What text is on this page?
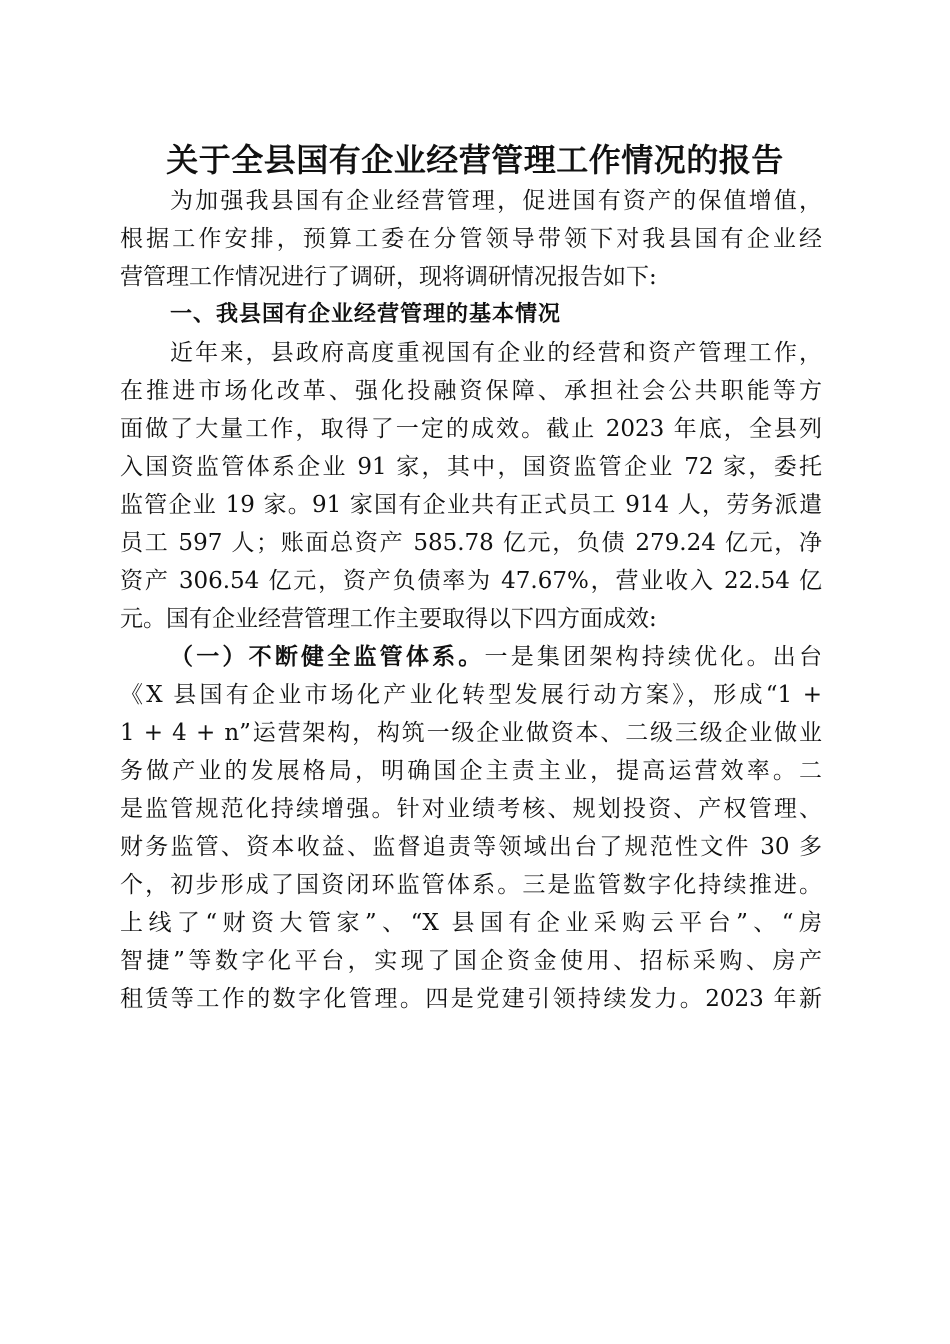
关于全县国有企业经营管理工作情况的报告
为加强我县国有企业经营管理，促进国有资产的保值增值，
根据工作安排，预算工委在分管领导带领下对我县国有企业经
营管理工作情况进行了调研，现将调研情况报告如下:
一、我县国有企业经营管理的基本情况
近年来，县政府高度重视国有企业的经营和资产管理工作，
在推进市场化改革、强化投融资保障、承担社会公共职能等方
面做了大量工作，取得了一定的成效。截止 2023 年底，全县列
入国资监管体系企业 91 家，其中，国资监管企业 72 家，委托
监管企业 19 家。91 家国有企业共有正式员工 914 人，劳务派遣
员工 597 人；账面总资产 585.78 亿元，负债 279.24 亿元，净
资产 306.54 亿元，资产负债率为 47.67%，营业收入 22.54 亿
元。国有企业经营管理工作主要取得以下四方面成效:
（一）不断健全监管体系。一是集团架构持续优化。出台
《X 县国有企业市场化产业化转型发展行动方案》，形成“1 +
1 + 4 + n”运营架构，构筑一级企业做资本、二级三级企业做业
务做产业的发展格局，明确国企主责主业，提高运营效率。二
是监管规范化持续增强。针对业绩考核、规划投资、产权管理、
财务监管、资本收益、监督追责等领域出台了规范性文件 30 多
个，初步形成了国资闭环监管体系。三是监管数字化持续推进。
上线了“财资大管家”、“X 县国有企业采购云平台”、“房
智捷”等数字化平台，实现了国企资金使用、招标采购、房产
租赁等工作的数字化管理。四是党建引领持续发力。2023 年新
